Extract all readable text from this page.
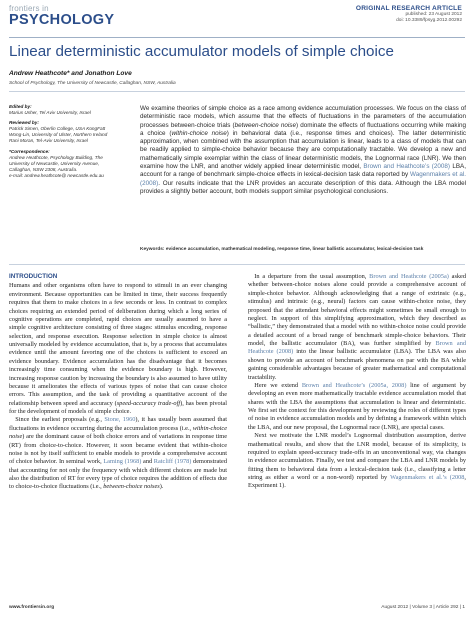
frontiers in
PSYCHOLOGY
ORIGINAL RESEARCH ARTICLE
published: 23 August 2012
doi: 10.3389/fpsyg.2012.00292
Linear deterministic accumulator models of simple choice
Andrew Heathcote* and Jonathon Love
School of Psychology, The University of Newcastle, Callaghan, NSW, Australia
Edited by:
Marius Usher, Tel Aviv University, Israel
Reviewed by:
Patrick Simen, Oberlin College, USA KongFatt Wong-Lin, University of Ulster, Northern Ireland Rani Moran, Tel-Aviv University, Israel
*Correspondence:
Andrew Heathcote, Psychology Building, The University of Newcastle, University Avenue, Callaghan, NSW 2308, Australia.
e-mail: andrew.heathcote@ newcastle.edu.au
We examine theories of simple choice as a race among evidence accumulation processes. We focus on the class of deterministic race models, which assume that the effects of fluctuations in the parameters of the accumulation processes between-choice trials (between-choice noise) dominate the effects of fluctuations occurring while making a choice (within-choice noise) in behavioral data (i.e., response times and choices). The latter deterministic approximation, when combined with the assumption that accumulation is linear, leads to a class of models that can be readily applied to simple-choice behavior because they are computationally tractable. We develop a new and mathematically simple exemplar within the class of linear deterministic models, the Lognormal race (LNR). We then examine how the LNR, and another widely applied linear deterministic model, Brown and Heathcote’s (2008) LBA, account for a range of benchmark simple-choice effects in lexical-decision task data reported by Wagenmakers et al. (2008). Our results indicate that the LNR provides an accurate description of this data. Although the LBA model provides a slightly better account, both models support similar psychological conclusions.
Keywords: evidence accumulation, mathematical modeling, response time, linear ballistic accumulator, lexical-decision task
INTRODUCTION

Humans and other organisms often have to respond to stimuli in an ever changing environment. Because opportunities can be limited in time, their success frequently requires that them to make choices in a few seconds or less. In contrast to complex choices requiring an extended period of deliberation during which a long series of cognitive operations are completed, rapid choices are usually assumed to have a simple cognitive architecture consisting of three stages: stimulus encoding, response selection, and response execution. Response selection in simple choice is almost universally modeled by evidence accumulation, that is, by a process that accumulates evidence until the amount favoring one of the choices is sufficient to exceed an evidence boundary. Evidence accumulation has the disadvantage that it becomes increasingly time consuming when the evidence boundary is high. However, increasing response caution by increasing the boundary is also assumed to have utility because it ameliorates the effects of various types of noise that can cause choice errors. This assumption, and the task of providing a quantitative account of the relationship between speed and accuracy (speed-accuracy trade-off), has been pivotal for the development of models of simple choice.

 Since the earliest proposals (e.g., Stone, 1960), it has usually been assumed that fluctuations in evidence occurring during the accumulation process (i.e., within-choice noise) are the dominant cause of both choice errors and of variations in response time (RT) from choice-to-choice. However, it soon became evident that within-choice noise is not by itself sufficient to enable models to provide a comprehensive account of choice behavior. In seminal work, Laming (1968) and Ratcliff (1978) demonstrated that accounting for not only the frequency with which different choices are made but also the distribution of RT for every type of choice requires the addition of effects due to choice-to-choice fluctuations (i.e., between-choice noises).

 In a departure from the usual assumption, Brown and Heathcote (2005a) asked whether between-choice noises alone could provide a comprehensive account of simple-choice behavior. Although acknowledging that a range of extrinsic (e.g., stimulus) and intrinsic (e.g., neural) factors can cause within-choice noise, they proposed that the attendant behavioral effects might sometimes be small enough to neglect. In support of this simplifying approximation, which they described as “ballistic,” they demonstrated that a model with no within-choice noise could provide a detailed account of a broad range of benchmark simple-choice behaviors. Their model, the ballistic accumulator (BA), was further simplified by Brown and Heathcote (2008) into the linear ballistic accumulator (LBA). The LBA was also shown to provide an account of benchmark phenomena on par with the BA while gaining considerable advantages because of greater mathematical and computational tractability.

 Here we extend Brown and Heathcote’s (2005a, 2008) line of argument by developing an even more mathematically tractable evidence accumulation model that shares with the LBA the assumptions that accumulation is linear and deterministic. We first set the context for this development by reviewing the roles of different types of noise in evidence accumulation models and by defining a framework within which the LBA, and our new proposal, the Lognormal race (LNR), are special cases.

 Next we motivate the LNR model’s Lognormal distribution assumption, derive mathematical results, and show that the LNR model, because of its simplicity, is required to explain speed-accuracy trade-offs in an unconventional way, via changes in evidence accumulation. Finally, we test and compare the LBA and LNR models by fitting them to behavioral data from a lexical-decision task (i.e., classifying a letter string as either a word or a non-word) reported by Wagenmakers et al.’s (2008, Experiment 1).

www.frontiersin.org	August 2012 | Volume 3 | Article 292 | 1
